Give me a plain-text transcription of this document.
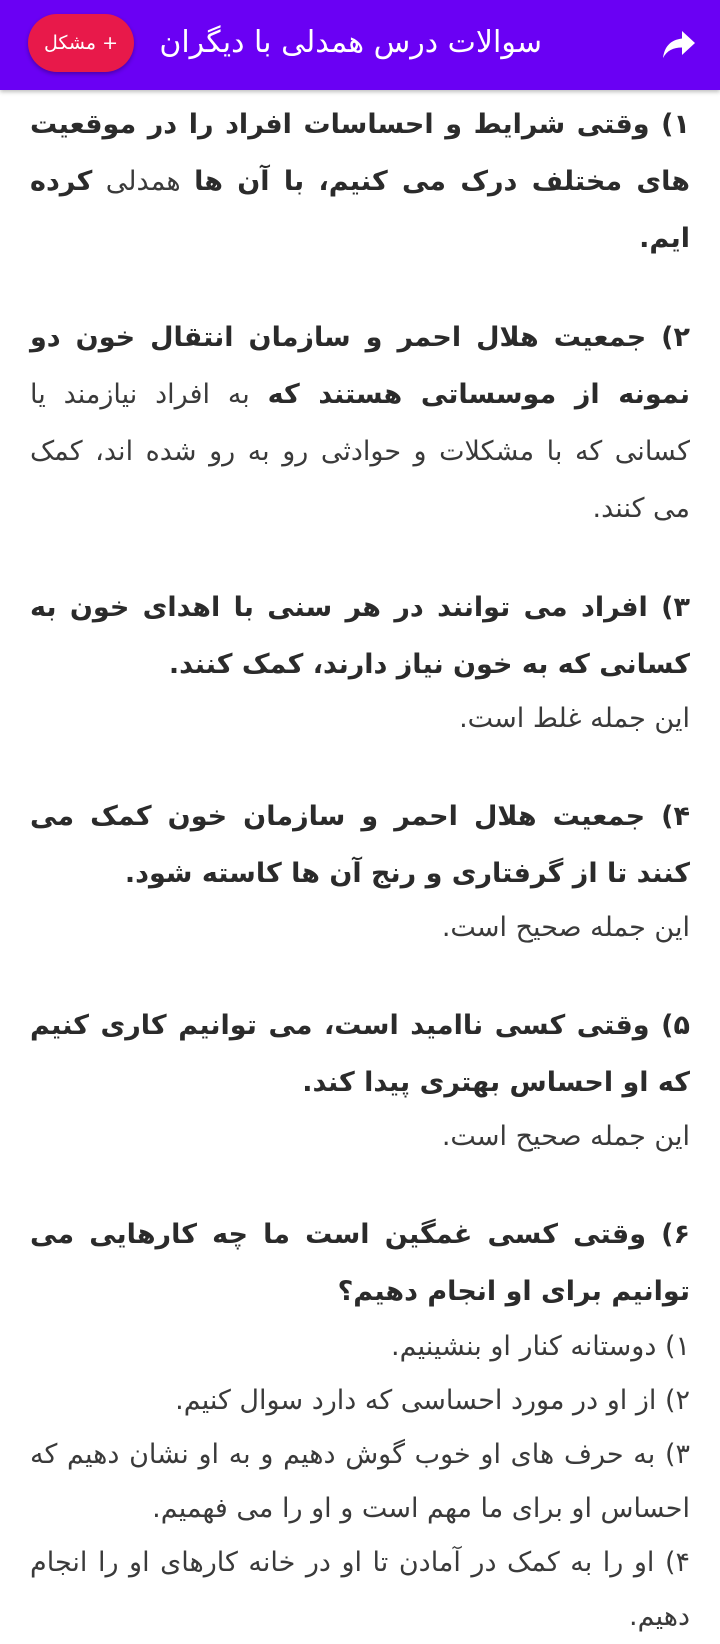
سوالات درس همدلی با دیگران
+ مشکل
۱) وقتی شرایط و احساسات افراد را در موقعیت های مختلف درک می کنیم، با آن ها همدلی کرده ایم.
۲) جمعیت هلال احمر و سازمان انتقال خون دو نمونه از موسساتی هستند که به افراد نیازمند یا کسانی که با مشکلات و حوادثی رو به رو شده اند، کمک می کنند.
۳) افراد می توانند در هر سنی با اهدای خون به کسانی که به خون نیاز دارند، کمک کنند.
این جمله غلط است.
۴) جمعیت هلال احمر و سازمان خون کمک می کنند تا از گرفتاری و رنج آن ها کاسته شود.
این جمله صحیح است.
۵) وقتی کسی ناامید است، می توانیم کاری کنیم که او احساس بهتری پیدا کند.
این جمله صحیح است.
۶) وقتی کسی غمگین است ما چه کارهایی می توانیم برای او انجام دهیم؟
۱) دوستانه کنار او بنشینیم.
۲) از او در مورد احساسی که دارد سوال کنیم.
۳) به حرف های او خوب گوش دهیم و به او نشان دهیم که احساس او برای ما مهم است و او را می فهمیم.
۴) او را به کمک در آمادن تا او در خانه کارهای او را انجام دهیم.
